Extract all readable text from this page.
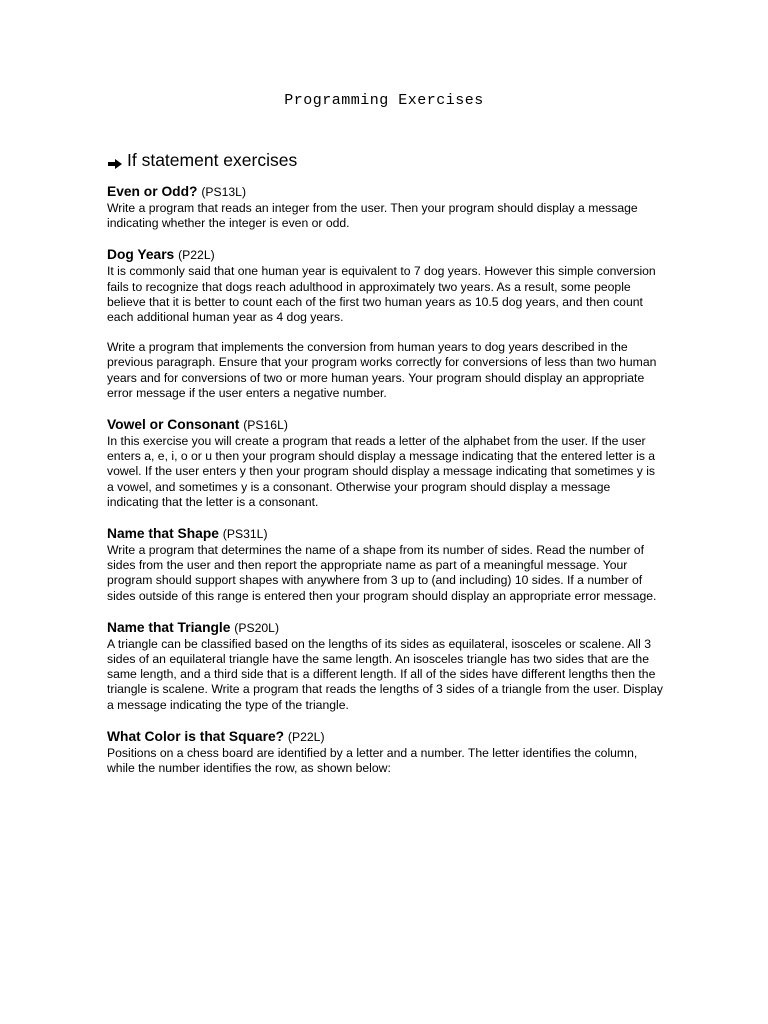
Programming Exercises
If statement exercises
Even or Odd? (PS13L)

Write a program that reads an integer from the user. Then your program should display a message indicating whether the integer is even or odd.

Dog Years (P22L)

It is commonly said that one human year is equivalent to 7 dog years. However this simple conversion fails to recognize that dogs reach adulthood in approximately two years. As a result, some people believe that it is better to count each of the first two human years as 10.5 dog years, and then count each additional human year as 4 dog years.

Write a program that implements the conversion from human years to dog years described in the previous paragraph. Ensure that your program works correctly for conversions of less than two human years and for conversions of two or more human years. Your program should display an appropriate error message if the user enters a negative number.

Vowel or Consonant (PS16L)

In this exercise you will create a program that reads a letter of the alphabet from the user. If the user enters a, e, i, o or u then your program should display a message indicating that the entered letter is a vowel. If the user enters y then your program should display a message indicating that sometimes y is a vowel, and sometimes y is a consonant. Otherwise your program should display a message indicating that the letter is a consonant.

Name that Shape (PS31L)

Write a program that determines the name of a shape from its number of sides. Read the number of sides from the user and then report the appropriate name as part of a meaningful message. Your program should support shapes with anywhere from 3 up to (and including) 10 sides. If a number of sides outside of this range is entered then your program should display an appropriate error message.

Name that Triangle (PS20L)

A triangle can be classified based on the lengths of its sides as equilateral, isosceles or scalene. All 3 sides of an equilateral triangle have the same length. An isosceles triangle has two sides that are the same length, and a third side that is a different length. If all of the sides have different lengths then the triangle is scalene. Write a program that reads the lengths of 3 sides of a triangle from the user. Display a message indicating the type of the triangle.

What Color is that Square? (P22L)

Positions on a chess board are identified by a letter and a number. The letter identifies the column, while the number identifies the row, as shown below:
